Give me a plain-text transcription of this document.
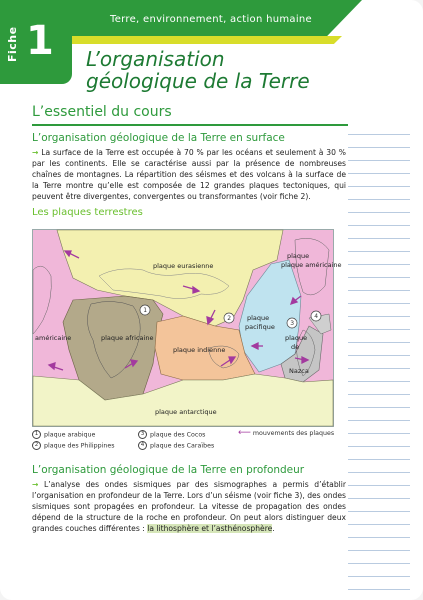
Terre, environnement, action humaine
Fiche 1 L’organisation
géologique de la Terre
L’essentiel du cours
L’organisation géologique de la Terre en surface

→ La surface de la Terre est occupée à 70 % par les océans et seulement à 30 % par les continents. Elle se caractérise aussi par la présence de nombreuses chaînes de montagnes. La répartition des séismes et des volcans à la surface de la Terre montre qu’elle est composée de 12 grandes plaques tectoniques, qui peuvent être divergentes, convergentes ou transformantes (voir fiche 2).

Les plaques terrestres
1
2
3
4
plaque eurasienne
plaque
plaque américaine
américaine
plaque
pacifique
plaque africaine
plaque indienne
plaque
de
Nazca
plaque antarctique
1 plaque arabique
2 plaque des Philippines
3 plaque des Cocos
4 plaque des Caraïbes
⟵ mouvements des plaques
L’organisation géologique de la Terre en profondeur

→ L’analyse des ondes sismiques par des sismographes a permis d’établir l’organisation en profondeur de la Terre. Lors d’un séisme (voir fiche 3), des ondes sismiques sont propagées en profondeur. La vitesse de propagation des ondes dépend de la structure de la roche en profondeur. On peut alors distinguer deux grandes couches différentes : la lithosphère et l’asthénosphère.
